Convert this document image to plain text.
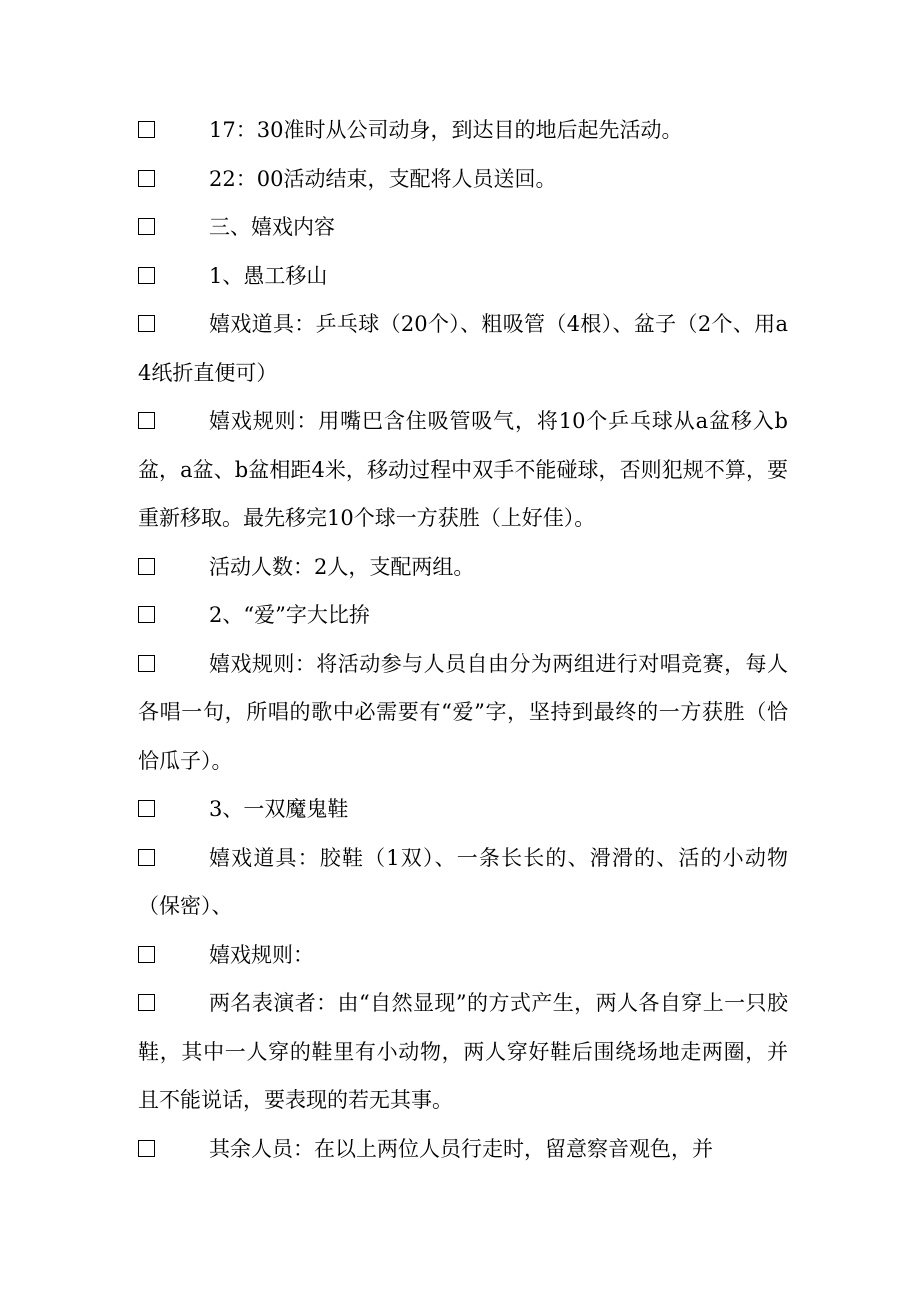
17：30准时从公司动身，到达目的地后起先活动。

22：00活动结束，支配将人员送回。

三、嬉戏内容

1、愚工移山

嬉戏道具：乒乓球（20个）、粗吸管（4根）、盆子（2个、用a4纸折直便可）

嬉戏规则：用嘴巴含住吸管吸气，将10个乒乓球从a盆移入b盆，a盆、b盆相距4米，移动过程中双手不能碰球，否则犯规不算，要重新移取。最先移完10个球一方获胜（上好佳）。

活动人数：2人，支配两组。

2、“爱”字大比拚

嬉戏规则：将活动参与人员自由分为两组进行对唱竞赛，每人各唱一句，所唱的歌中必需要有“爱”字，坚持到最终的一方获胜（恰恰瓜子）。

3、一双魔鬼鞋

嬉戏道具：胶鞋（1双）、一条长长的、滑滑的、活的小动物（保密）、

嬉戏规则：

两名表演者：由“自然显现”的方式产生，两人各自穿上一只胶鞋，其中一人穿的鞋里有小动物，两人穿好鞋后围绕场地走两圈，并且不能说话，要表现的若无其事。

其余人员：在以上两位人员行走时，留意察音观色，并
